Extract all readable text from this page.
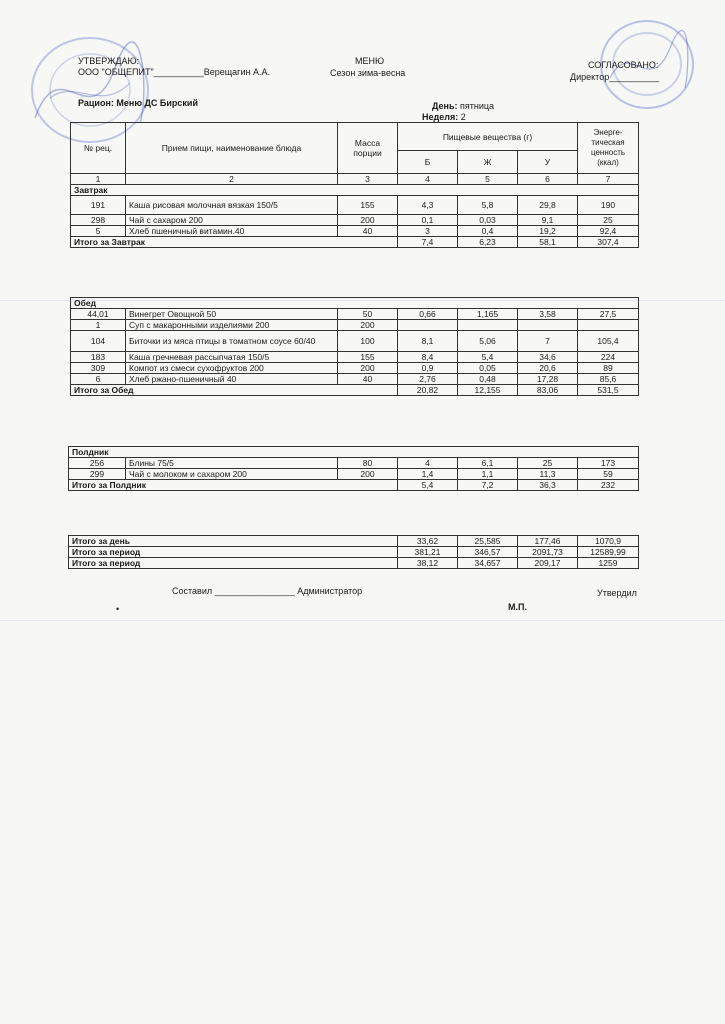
УТВЕРЖДАЮ:
ООО "ОБЩЕПИТ"__________Верещагин А.А.
МЕНЮ
Сезон зима-весна
СОГЛАСОВАНО:
Директор__________
Рацион: Меню ДС Бирский	День: пятница
Неделя: 2
№ рец.	Прием пищи, наименование блюда	Масса порции	Пищевые вещества (г)			Энерге-тическая ценность (ккал)
			Б	Ж	У	
1	2	3	4	5	6	7
Завтрак						
191	Каша рисовая молочная вязкая 150/5	155	4,3	5,8	29,8	190
298	Чай с сахаром 200	200	0,1	0,03	9,1	25
5	Хлеб пшеничный витамин.40	40	3	0,4	19,2	92,4
Итого за Завтрак			7,4	6,23	58,1	307,4
Обед						
44,01	Винегрет Овощной 50	50	0,66	1,165	3,58	27,5
1	Суп с макаронными изделиями 200	200				
104	Биточки из мяса птицы в томатном соусе 60/40	100	8,1	5,06	7	105,4
183	Каша гречневая рассыпчатая 150/5	155	8,4	5,4	34,6	224
309	Компот из смеси сухофруктов 200	200	0,9	0,05	20,6	89
6	Хлеб ржано-пшеничный 40	40	2,76	0,48	17,28	85,6
Итого за Обед			20,82	12,155	83,06	531,5
Полдник						
256	Блины 75/5	80	4	6,1	25	173
299	Чай с молоком и сахаром 200	200	1,4	1,1	11,3	59
Итого за Полдник			5,4	7,2	36,3	232
Итого за день	33,62	25,585	177,46	1070,9
Итого за период	381,21	346,57	2091,73	12589,99
Итого за период	38,12	34,657	209,17	1259
Составил ________________ Администратор	Утвердил
М.П.
•
